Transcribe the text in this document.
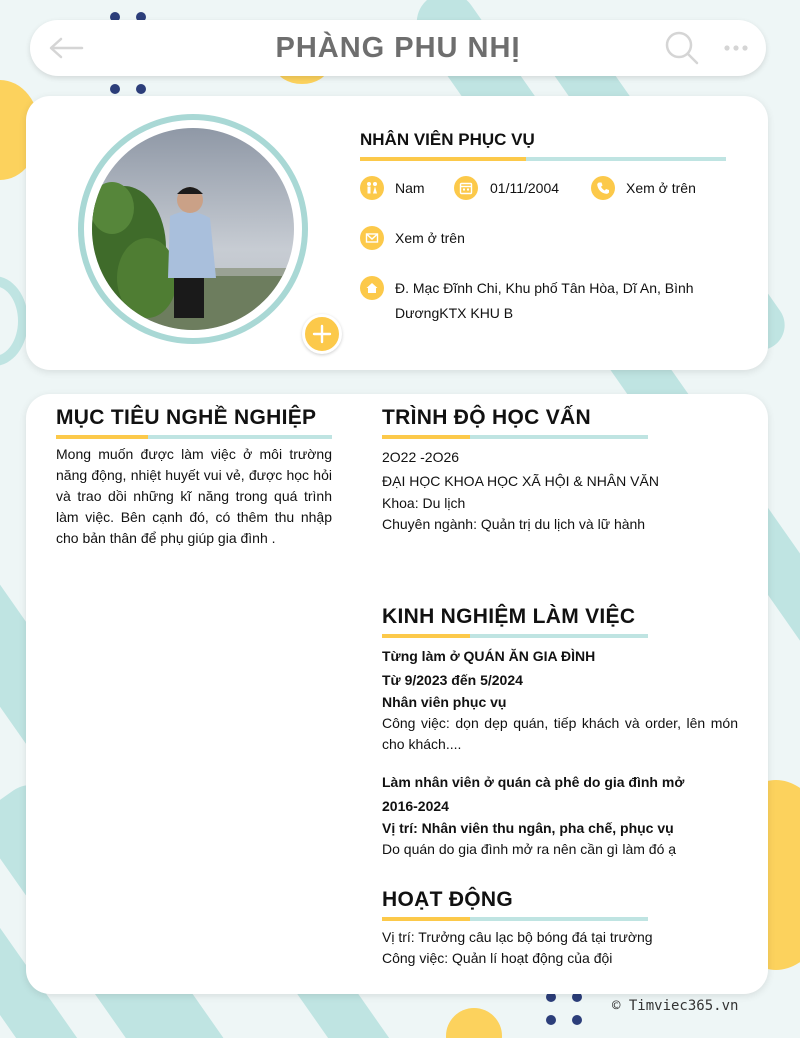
PHÀNG PHU NHỊ
NHÂN VIÊN PHỤC VỤ
Nam	01/11/2004	Xem ở trên
Xem ở trên
Đ. Mạc Đĩnh Chi, Khu phố Tân Hòa, Dĩ An, Bình
DươngKTX KHU B
MỤC TIÊU NGHỀ NGHIỆP
Mong muốn được làm việc ở môi trường
năng động, nhiệt huyết vui vẻ, được học hỏi
và trao dồi những kĩ năng trong quá trình
làm việc. Bên cạnh đó, có thêm thu nhập
cho bản thân để phụ giúp gia đình .
TRÌNH ĐỘ HỌC VẤN
2O22 -2O26
ĐẠI HỌC KHOA HỌC XÃ HỘI & NHÂN VĂN
Khoa: Du lịch
Chuyên ngành: Quản trị du lịch và lữ hành
KINH NGHIỆM LÀM VIỆC
Từng làm ở QUÁN ĂN GIA ĐÌNH
Từ 9/2023 đến 5/2024
Nhân viên phục vụ
Công việc: dọn dẹp quán, tiếp khách và order, lên món
cho khách....
Làm nhân viên ở quán cà phê do gia đình mở
2016-2024
Vị trí: Nhân viên thu ngân, pha chế, phục vụ
Do quán do gia đình mở ra nên cần gì làm đó ạ
HOẠT ĐỘNG
Vị trí: Trưởng câu lạc bộ bóng đá tại trường
Công việc: Quản lí hoạt động của đội
© Timviec365.vn
